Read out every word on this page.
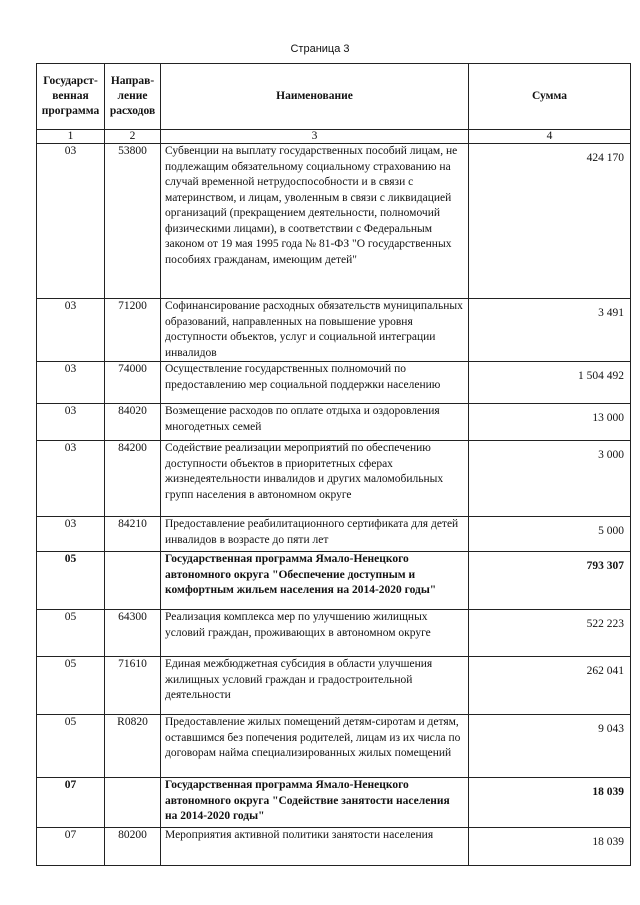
Страница 3
Государст-венная программа	Направ-ление расходов	Наименование	Сумма
1	2	3	4
03	53800	Субвенции на выплату государственных пособий лицам, не подлежащим обязательному социальному страхованию на случай временной нетрудоспособности и в связи с материнством, и лицам, уволенным в связи с ликвидацией организаций (прекращением деятельности, полномочий физическими лицами), в соответствии с Федеральным законом от 19 мая 1995 года № 81-ФЗ "О государственных пособиях гражданам, имеющим детей"	424 170
03	71200	Софинансирование расходных обязательств муниципальных образований, направленных на повышение уровня доступности объектов, услуг и социальной интеграции инвалидов	3 491
03	74000	Осуществление государственных полномочий по предоставлению мер социальной поддержки населению	1 504 492
03	84020	Возмещение расходов по оплате отдыха и оздоровления многодетных семей	13 000
03	84200	Содействие реализации мероприятий по обеспечению доступности объектов в приоритетных сферах жизнедеятельности инвалидов и других маломобильных групп населения в автономном округе	3 000
03	84210	Предоставление реабилитационного сертификата для детей инвалидов в возрасте до пяти лет	5 000
05		Государственная программа Ямало-Ненецкого автономного округа "Обеспечение доступным и комфортным жильем населения на 2014-2020 годы"	793 307
05	64300	Реализация комплекса мер по улучшению жилищных условий граждан, проживающих в автономном округе	522 223
05	71610	Единая межбюджетная субсидия в области улучшения жилищных условий граждан и градостроительной деятельности	262 041
05	R0820	Предоставление жилых помещений детям-сиротам и детям, оставшимся без попечения родителей, лицам из их числа по договорам найма специализированных жилых помещений	9 043
07		Государственная программа Ямало-Ненецкого автономного округа "Содействие занятости населения на 2014-2020 годы"	18 039
07	80200	Мероприятия активной политики занятости населения	18 039
